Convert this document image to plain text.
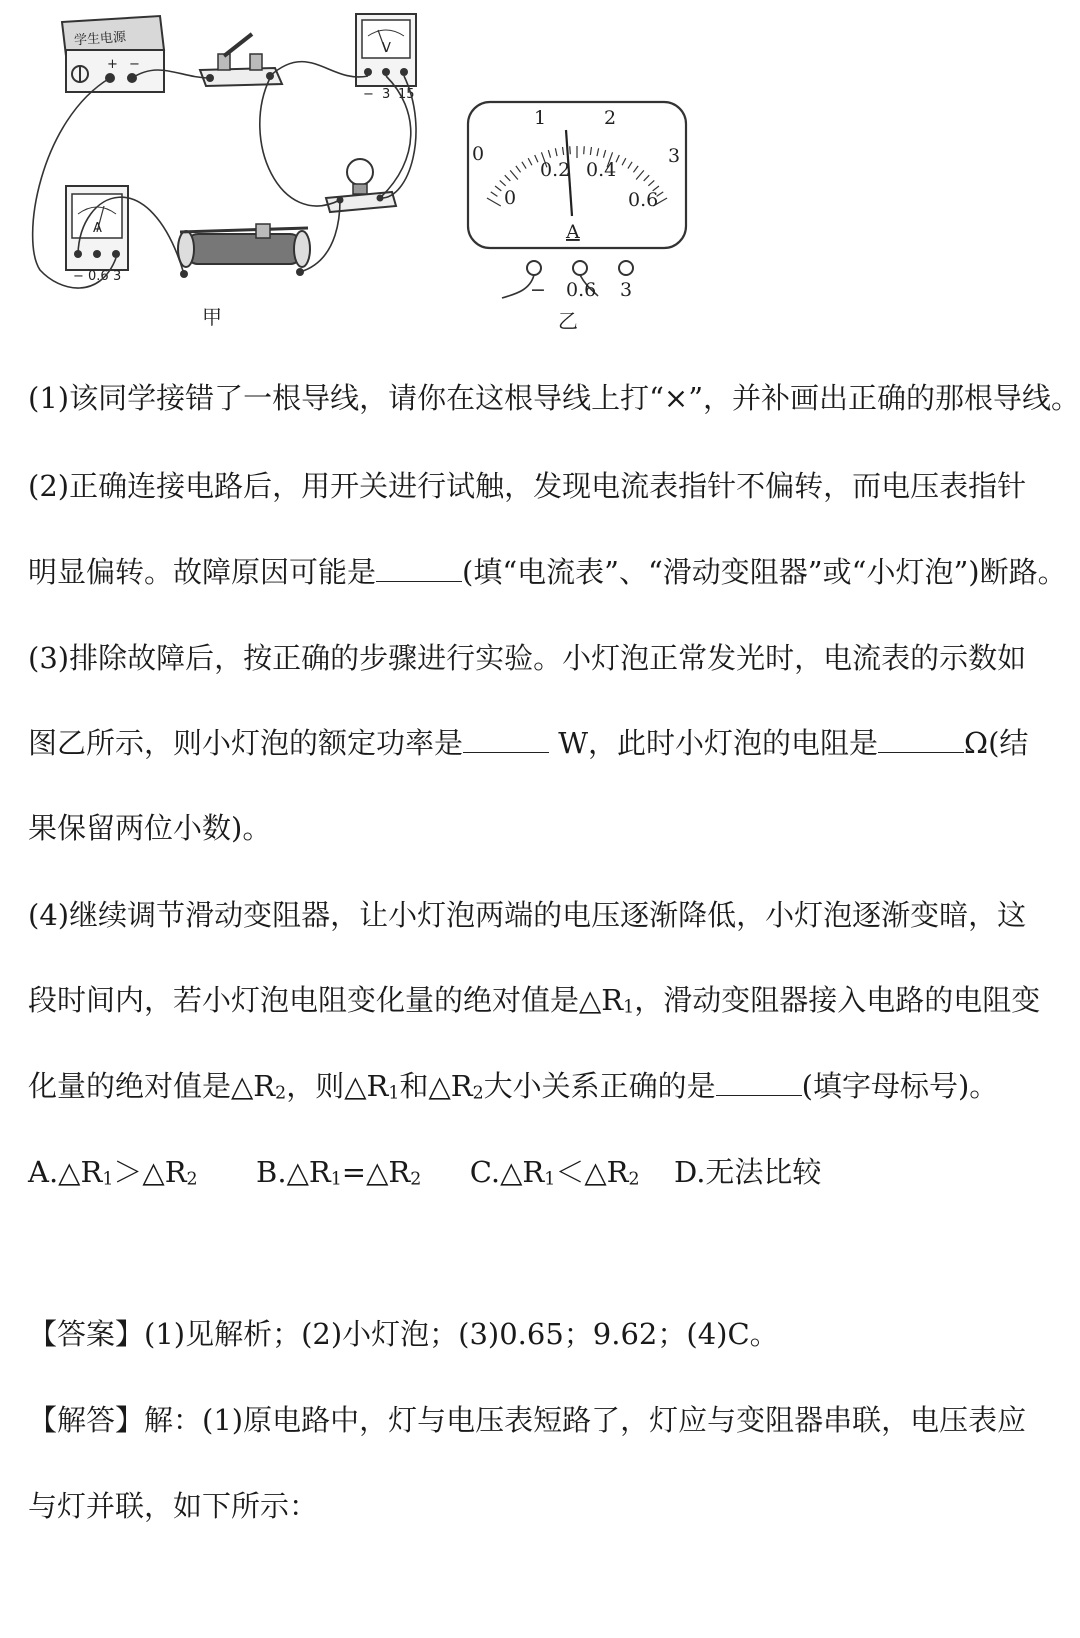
学生电源
+ −
V
− 3 15
A
− 0.6 3
甲
0
1	2
3
0
0.2 0.4
0.6
A
− 0.6 3
乙
(1)该同学接错了一根导线，请你在这根导线上打“×”，并补画出正确的那根导线。
(2)正确连接电路后，用开关进行试触，发现电流表指针不偏转，而电压表指针
明显偏转。故障原因可能是	(填“电流表”、“滑动变阻器”或“小灯泡”)断路。
(3)排除故障后，按正确的步骤进行实验。小灯泡正常发光时，电流表的示数如
图乙所示，则小灯泡的额定功率是	W，此时小灯泡的电阻是	Ω(结
果保留两位小数)。
(4)继续调节滑动变阻器，让小灯泡两端的电压逐渐降低，小灯泡逐渐变暗，这
段时间内，若小灯泡电阻变化量的绝对值是$\triangle R_1$，滑动变阻器接入电路的电阻变
化量的绝对值是$\triangle R_2$，则$\triangle R_1$和$\triangle R_2$大小关系正确的是	(填字母标号)。
$A.\triangle R_1>\triangle R_2$ $B.\triangle R_1=\triangle R_2$ $C.\triangle R_1<\triangle R_2$ D.无法比较
【答案】(1)见解析；(2)小灯泡；(3)0.65；9.62；(4)C。
【解答】解：(1)原电路中，灯与电压表短路了，灯应与变阻器串联，电压表应
与灯并联，如下所示：
